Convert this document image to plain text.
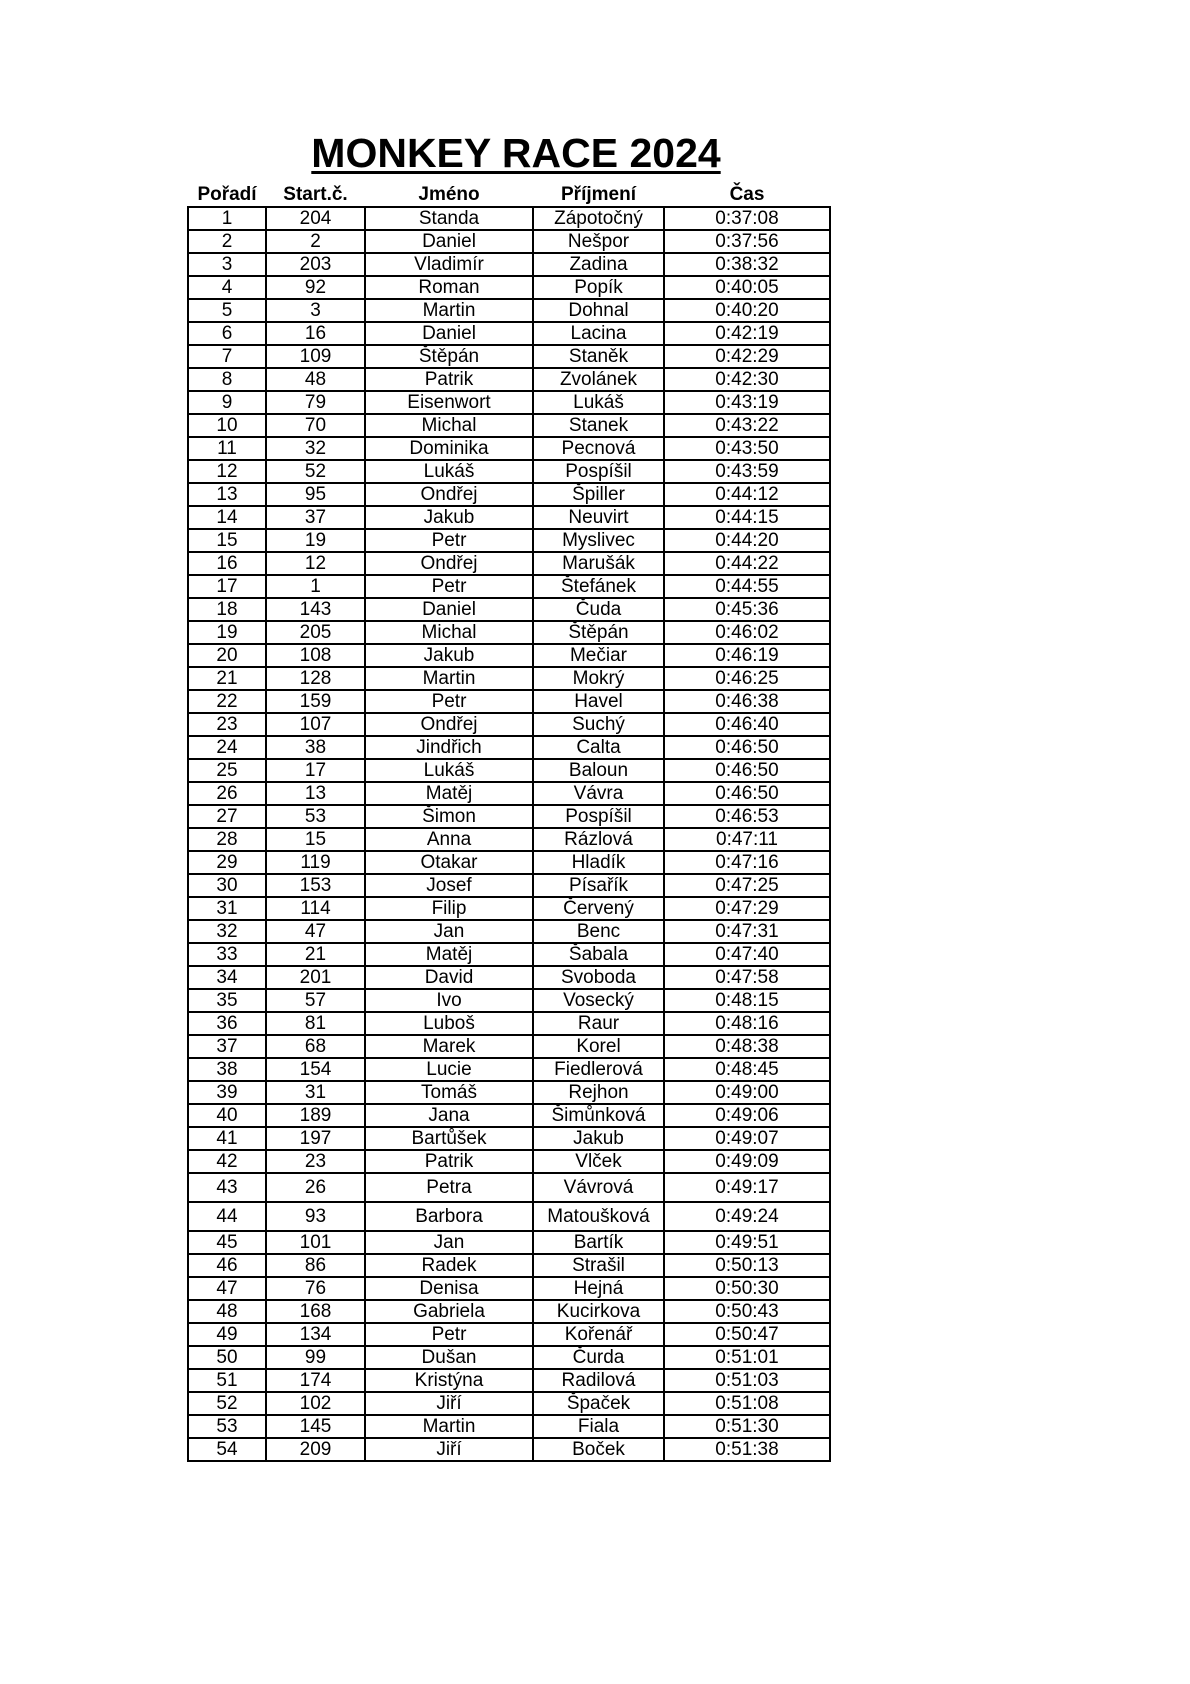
MONKEY RACE 2024
Pořadí	Start.č.	Jméno	Příjmení	Čas
1	204	Standa	Zápotočný	0:37:08
2	2	Daniel	Nešpor	0:37:56
3	203	Vladimír	Zadina	0:38:32
4	92	Roman	Popík	0:40:05
5	3	Martin	Dohnal	0:40:20
6	16	Daniel	Lacina	0:42:19
7	109	Štěpán	Staněk	0:42:29
8	48	Patrik	Zvolánek	0:42:30
9	79	Eisenwort	Lukáš	0:43:19
10	70	Michal	Stanek	0:43:22
11	32	Dominika	Pecnová	0:43:50
12	52	Lukáš	Pospíšil	0:43:59
13	95	Ondřej	Špiller	0:44:12
14	37	Jakub	Neuvirt	0:44:15
15	19	Petr	Myslivec	0:44:20
16	12	Ondřej	Marušák	0:44:22
17	1	Petr	Štefánek	0:44:55
18	143	Daniel	Čuda	0:45:36
19	205	Michal	Štěpán	0:46:02
20	108	Jakub	Mečiar	0:46:19
21	128	Martin	Mokrý	0:46:25
22	159	Petr	Havel	0:46:38
23	107	Ondřej	Suchý	0:46:40
24	38	Jindřich	Calta	0:46:50
25	17	Lukáš	Baloun	0:46:50
26	13	Matěj	Vávra	0:46:50
27	53	Šimon	Pospíšil	0:46:53
28	15	Anna	Rázlová	0:47:11
29	119	Otakar	Hladík	0:47:16
30	153	Josef	Písařík	0:47:25
31	114	Filip	Červený	0:47:29
32	47	Jan	Benc	0:47:31
33	21	Matěj	Šabala	0:47:40
34	201	David	Svoboda	0:47:58
35	57	Ivo	Vosecký	0:48:15
36	81	Luboš	Raur	0:48:16
37	68	Marek	Korel	0:48:38
38	154	Lucie	Fiedlerová	0:48:45
39	31	Tomáš	Rejhon	0:49:00
40	189	Jana	Šimůnková	0:49:06
41	197	Bartůšek	Jakub	0:49:07
42	23	Patrik	Vlček	0:49:09
43	26	Petra	Vávrová	0:49:17
44	93	Barbora	Matoušková	0:49:24
45	101	Jan	Bartík	0:49:51
46	86	Radek	Strašil	0:50:13
47	76	Denisa	Hejná	0:50:30
48	168	Gabriela	Kucirkova	0:50:43
49	134	Petr	Kořenář	0:50:47
50	99	Dušan	Čurda	0:51:01
51	174	Kristýna	Radilová	0:51:03
52	102	Jiří	Špaček	0:51:08
53	145	Martin	Fiala	0:51:30
54	209	Jiří	Boček	0:51:38
